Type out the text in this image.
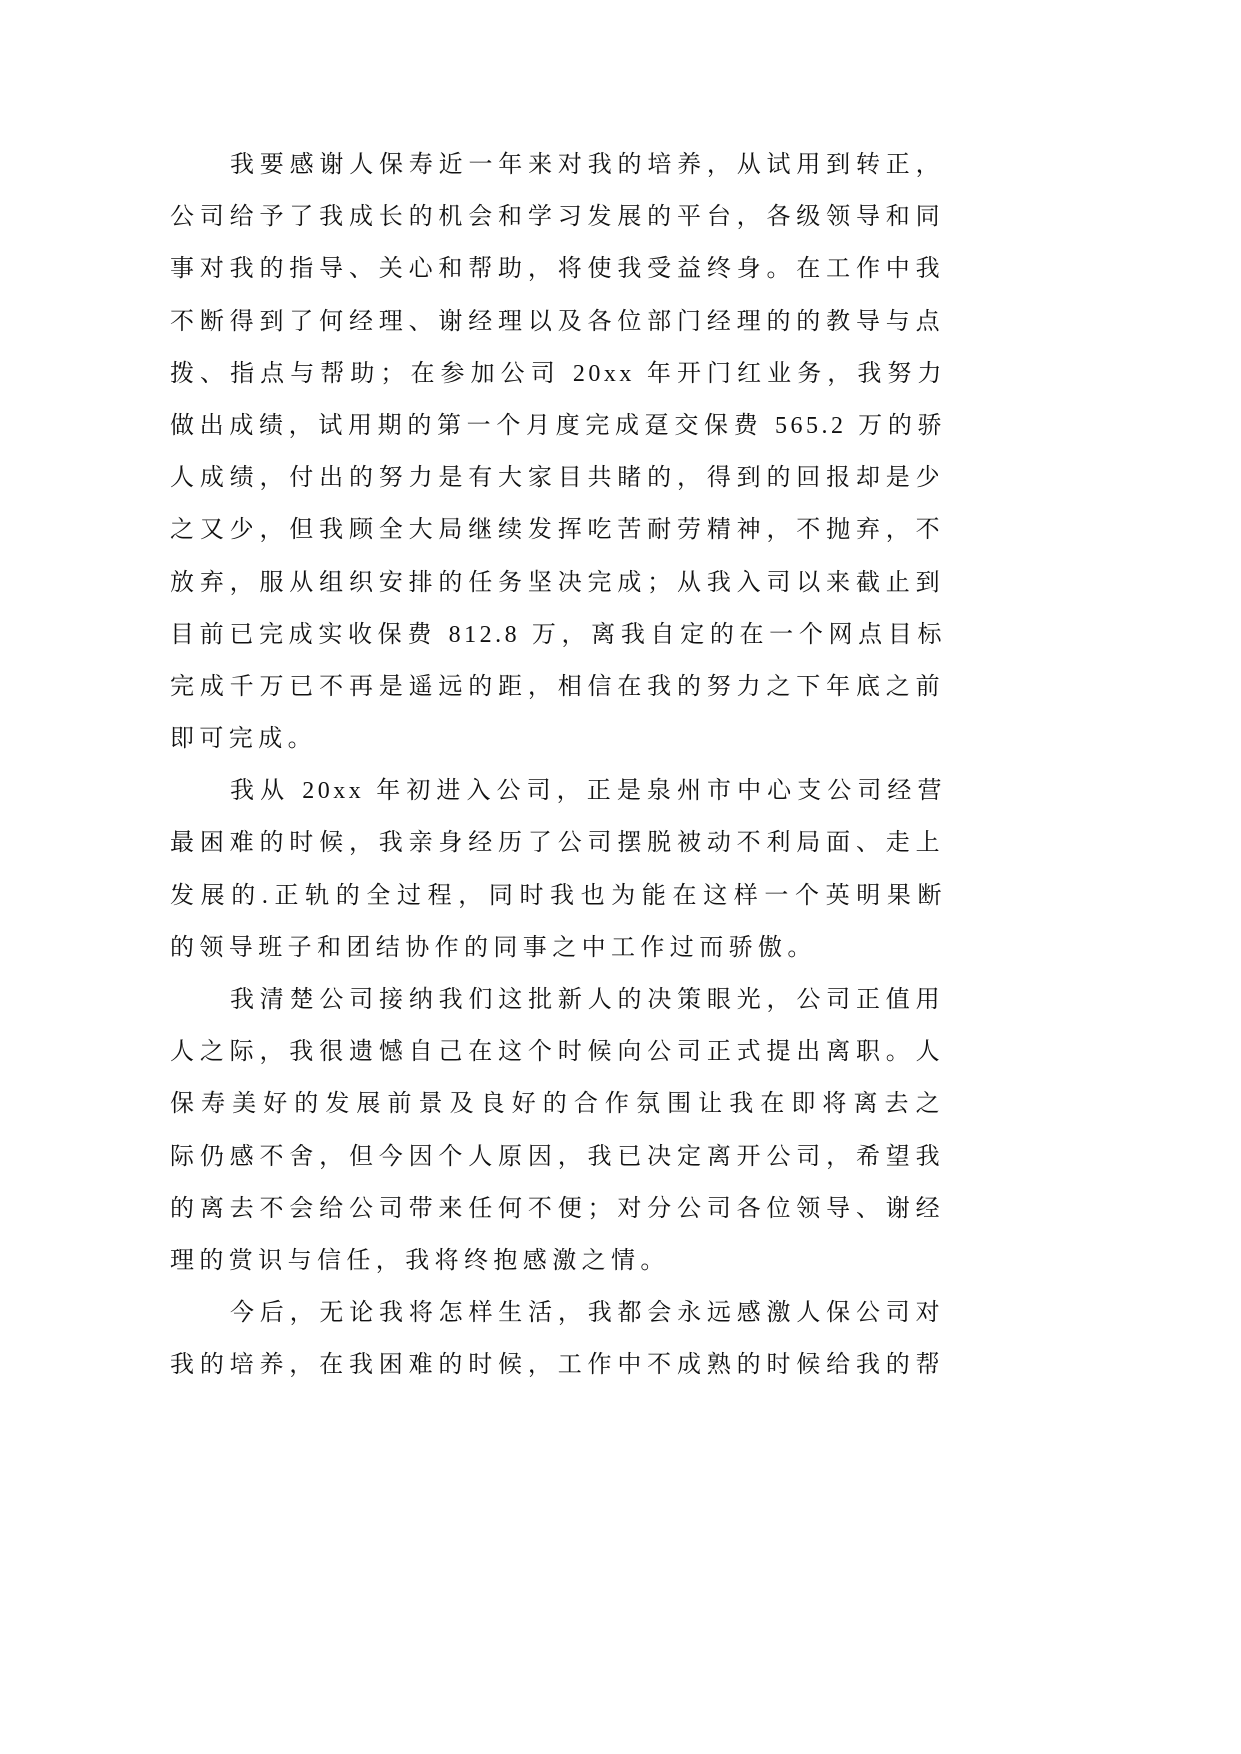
我要感谢人保寿近一年来对我的培养，从试用到转正，
公司给予了我成长的机会和学习发展的平台，各级领导和同
事对我的指导、关心和帮助，将使我受益终身。在工作中我
不断得到了何经理、谢经理以及各位部门经理的的教导与点
拨、指点与帮助；在参加公司 20xx 年开门红业务，我努力
做出成绩，试用期的第一个月度完成趸交保费 565.2 万的骄
人成绩，付出的努力是有大家目共睹的，得到的回报却是少
之又少，但我顾全大局继续发挥吃苦耐劳精神，不抛弃，不
放弃，服从组织安排的任务坚决完成；从我入司以来截止到
目前已完成实收保费 812.8 万，离我自定的在一个网点目标
完成千万已不再是遥远的距，相信在我的努力之下年底之前
即可完成。
我从 20xx 年初进入公司，正是泉州市中心支公司经营
最困难的时候，我亲身经历了公司摆脱被动不利局面、走上
发展的.正轨的全过程，同时我也为能在这样一个英明果断
的领导班子和团结协作的同事之中工作过而骄傲。
我清楚公司接纳我们这批新人的决策眼光，公司正值用
人之际，我很遗憾自己在这个时候向公司正式提出离职。人
保寿美好的发展前景及良好的合作氛围让我在即将离去之
际仍感不舍，但今因个人原因，我已决定离开公司，希望我
的离去不会给公司带来任何不便；对分公司各位领导、谢经
理的赏识与信任，我将终抱感激之情。
今后，无论我将怎样生活，我都会永远感激人保公司对
我的培养，在我困难的时候，工作中不成熟的时候给我的帮
